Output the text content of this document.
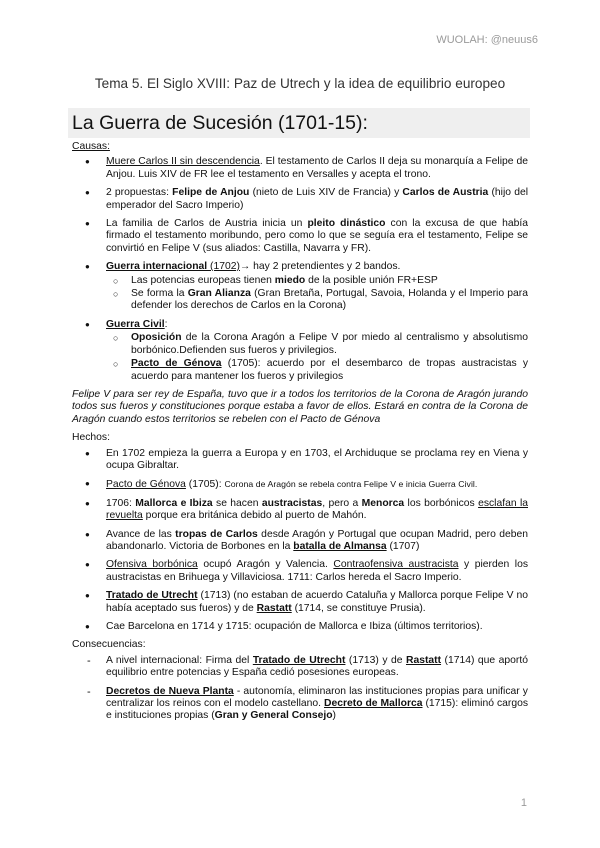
WUOLAH: @neuus6
Tema 5. El Siglo XVIII: Paz de Utrech y la idea de equilibrio europeo
La Guerra de Sucesión (1701-15):
Causas:
● Muere Carlos II sin descendencia. El testamento de Carlos II deja su monarquía a Felipe de Anjou. Luis XIV de FR lee el testamento en Versalles y acepta el trono.
● 2 propuestas: Felipe de Anjou (nieto de Luis XIV de Francia) y Carlos de Austria (hijo del emperador del Sacro Imperio)
● La familia de Carlos de Austria inicia un pleito dinástico con la excusa de que había firmado el testamento moribundo, pero como lo que se seguía era el testamento, Felipe se convirtió en Felipe V (sus aliados: Castilla, Navarra y FR).
● Guerra internacional (1702)→ hay 2 pretendientes y 2 bandos.
○ Las potencias europeas tienen miedo de la posible unión FR+ESP
○ Se forma la Gran Alianza (Gran Bretaña, Portugal, Savoia, Holanda y el Imperio para defender los derechos de Carlos en la Corona)
● Guerra Civil:
○ Oposición de la Corona Aragón a Felipe V por miedo al centralismo y absolutismo borbónico.Defienden sus fueros y privilegios.
○ Pacto de Génova (1705): acuerdo por el desembarco de tropas austracistas y acuerdo para mantener los fueros y privilegios
Felipe V para ser rey de España, tuvo que ir a todos los territorios de la Corona de Aragón jurando todos sus fueros y constituciones porque estaba a favor de ellos. Estará en contra de la Corona de Aragón cuando estos territorios se rebelen con el Pacto de Génova
Hechos:
● En 1702 empieza la guerra a Europa y en 1703, el Archiduque se proclama rey en Viena y ocupa Gibraltar.
● Pacto de Génova (1705): Corona de Aragón se rebela contra Felipe V e inicia Guerra Civil.
● 1706: Mallorca e Ibiza se hacen austracistas, pero a Menorca los borbónicos esclafan la revuelta porque era británica debido al puerto de Mahón.
● Avance de las tropas de Carlos desde Aragón y Portugal que ocupan Madrid, pero deben abandonarlo. Victoria de Borbones en la batalla de Almansa (1707)
● Ofensiva borbónica ocupó Aragón y Valencia. Contraofensiva austracista y pierden los austracistas en Brihuega y Villaviciosa. 1711: Carlos hereda el Sacro Imperio.
● Tratado de Utrecht (1713) (no estaban de acuerdo Cataluña y Mallorca porque Felipe V no había aceptado sus fueros) y de Rastatt (1714, se constituye Prusia).
● Cae Barcelona en 1714 y 1715: ocupación de Mallorca e Ibiza (últimos territorios).
Consecuencias:
- A nivel internacional: Firma del Tratado de Utrecht (1713) y de Rastatt (1714) que aportó equilibrio entre potencias y España cedió posesiones europeas.
- Decretos de Nueva Planta - autonomía, eliminaron las instituciones propias para unificar y centralizar los reinos con el modelo castellano. Decreto de Mallorca (1715): eliminó cargos e instituciones propias (Gran y General Consejo)
1
